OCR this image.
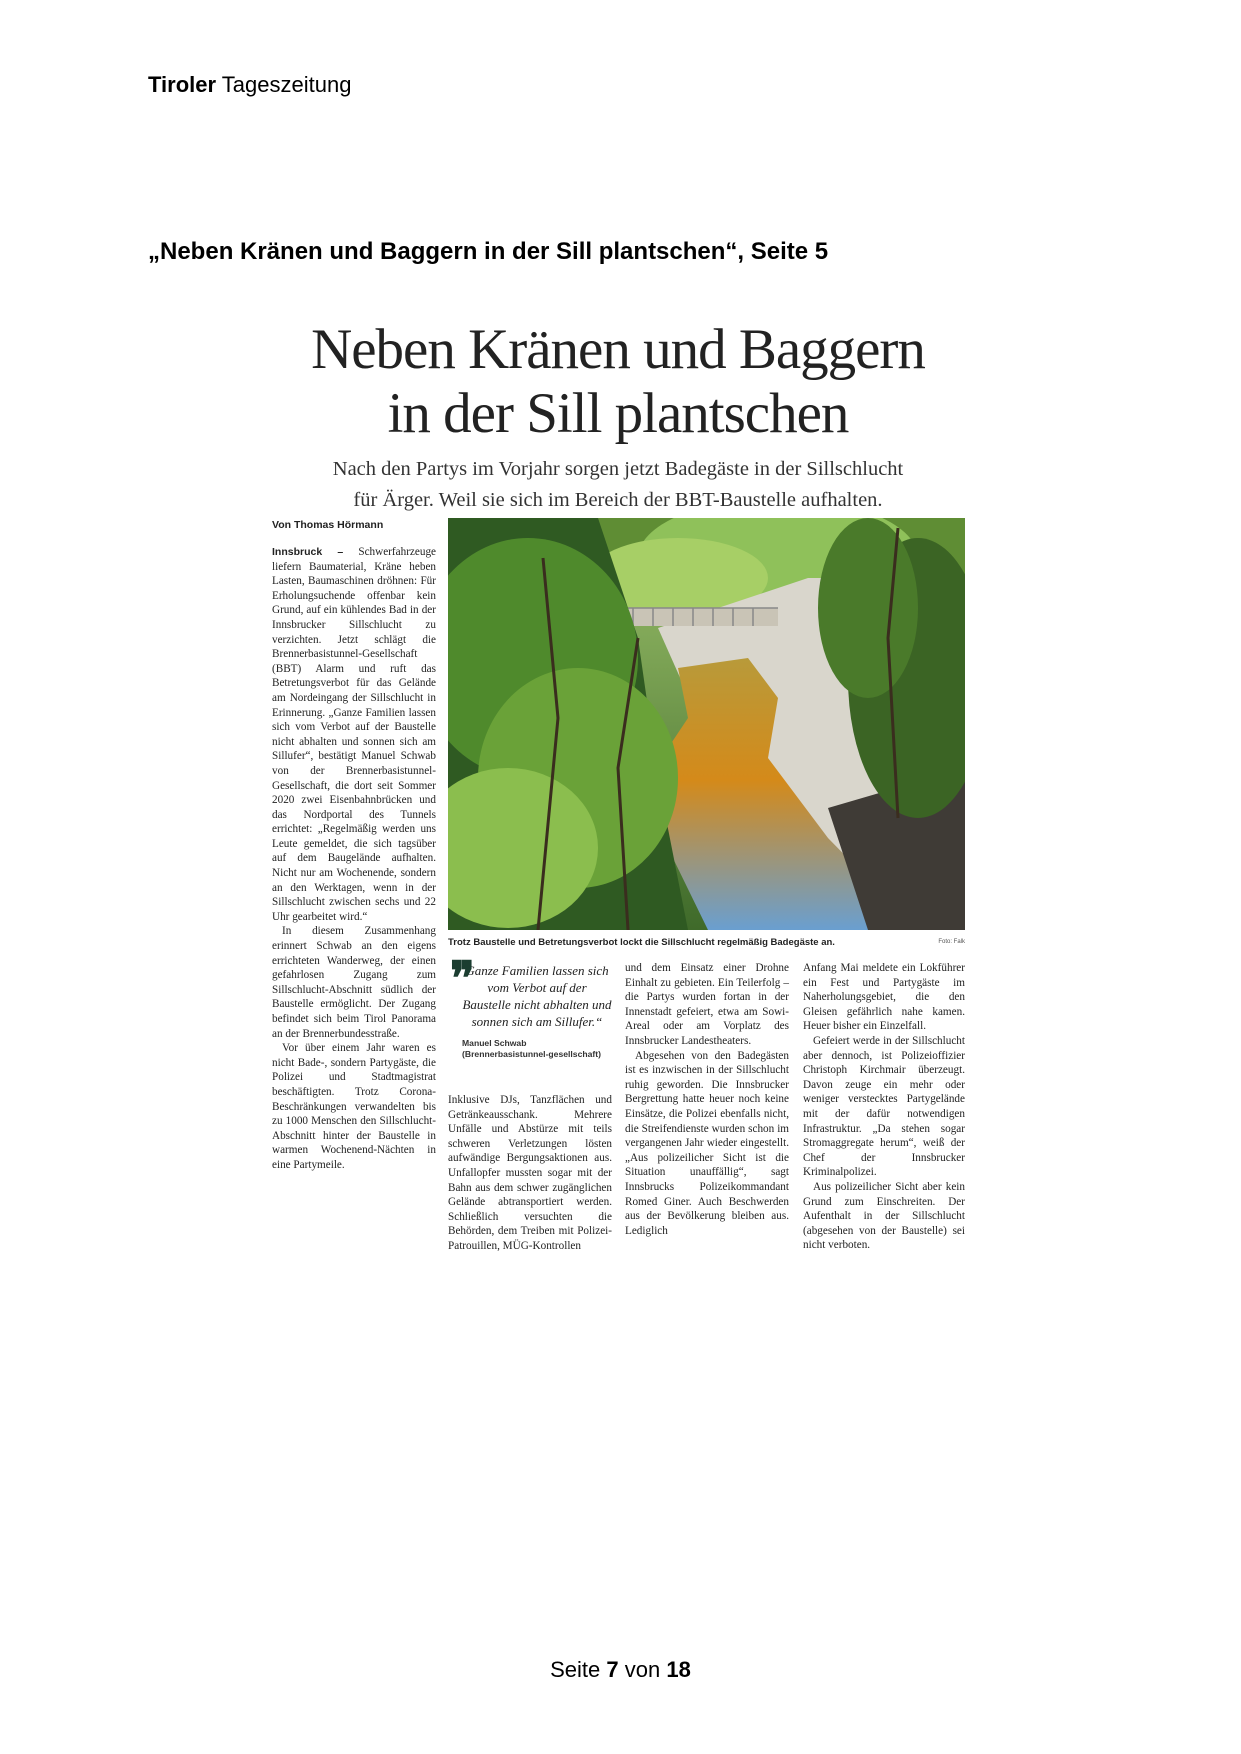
Tiroler Tageszeitung
„Neben Kränen und Baggern in der Sill plantschen“, Seite 5
Neben Kränen und Baggern
in der Sill plantschen
Nach den Partys im Vorjahr sorgen jetzt Badegäste in der Sillschlucht
für Ärger. Weil sie sich im Bereich der BBT-Baustelle aufhalten.
Von Thomas Hörmann
Trotz Baustelle und Betretungsverbot lockt die Sillschlucht regelmäßig Badegäste an.	Foto: Falk

Innsbruck – Schwerfahrzeuge liefern Baumaterial, Kräne heben Lasten, Baumaschinen dröhnen: Für Erholungsuchende offenbar kein Grund, auf ein kühlendes Bad in der Innsbrucker Sillschlucht zu verzichten. Jetzt schlägt die Brennerbasistunnel-Gesellschaft (BBT) Alarm und ruft das Betretungsverbot für das Gelände am Nordeingang der Sillschlucht in Erinnerung. „Ganze Familien lassen sich vom Verbot auf der Baustelle nicht abhalten und sonnen sich am Sillufer“, bestätigt Manuel Schwab von der Brennerbasistunnel-Gesellschaft, die dort seit Sommer 2020 zwei Eisenbahnbrücken und das Nordportal des Tunnels errichtet: „Regelmäßig werden uns Leute gemeldet, die sich tagsüber auf dem Baugelände aufhalten. Nicht nur am Wochenende, sondern an den Werktagen, wenn in der Sillschlucht zwischen sechs und 22 Uhr gearbeitet wird.“

In diesem Zusammenhang erinnert Schwab an den eigens errichteten Wanderweg, der einen gefahrlosen Zugang zum Sillschlucht-Abschnitt südlich der Baustelle ermöglicht. Der Zugang befindet sich beim Tirol Panorama an der Brennerbundesstraße.

Vor über einem Jahr waren es nicht Bade-, sondern Partygäste, die Polizei und Stadtmagistrat beschäftigten. Trotz Corona-Beschränkungen verwandelten bis zu 1000 Menschen den Sillschlucht-Abschnitt hinter der Baustelle in warmen Wochenend-Nächten in eine Partymeile.

❞
Ganze Familien lassen sich vom Verbot auf der Baustelle nicht abhalten und sonnen sich am Sillufer.“
Manuel Schwab (Brennerbasistunnel-gesellschaft)

Inklusive DJs, Tanzflächen und Getränkeausschank. Mehrere Unfälle und Abstürze mit teils schweren Verletzungen lösten aufwändige Bergungsaktionen aus. Unfallopfer mussten sogar mit der Bahn aus dem schwer zugänglichen Gelände abtransportiert werden. Schließlich versuchten die Behörden, dem Treiben mit Polizei-Patrouillen, MÜG-Kontrollen

und dem Einsatz einer Drohne Einhalt zu gebieten. Ein Teilerfolg – die Partys wurden fortan in der Innenstadt gefeiert, etwa am Sowi-Areal oder am Vorplatz des Innsbrucker Landestheaters.

Abgesehen von den Badegästen ist es inzwischen in der Sillschlucht ruhig geworden. Die Innsbrucker Bergrettung hatte heuer noch keine Einsätze, die Polizei ebenfalls nicht, die Streifendienste wurden schon im vergangenen Jahr wieder eingestellt. „Aus polizeilicher Sicht ist die Situation unauffällig“, sagt Innsbrucks Polizeikommandant Romed Giner. Auch Beschwerden aus der Bevölkerung bleiben aus. Lediglich

Anfang Mai meldete ein Lokführer ein Fest und Partygäste im Naherholungsgebiet, die den Gleisen gefährlich nahe kamen. Heuer bisher ein Einzelfall.

Gefeiert werde in der Sillschlucht aber dennoch, ist Polizeioffizier Christoph Kirchmair überzeugt. Davon zeuge ein mehr oder weniger verstecktes Partygelände mit der dafür notwendigen Infrastruktur. „Da stehen sogar Stromaggregate herum“, weiß der Chef der Innsbrucker Kriminalpolizei.

Aus polizeilicher Sicht aber kein Grund zum Einschreiten. Der Aufenthalt in der Sillschlucht (abgesehen von der Baustelle) sei nicht verboten.

Seite 7 von 18
